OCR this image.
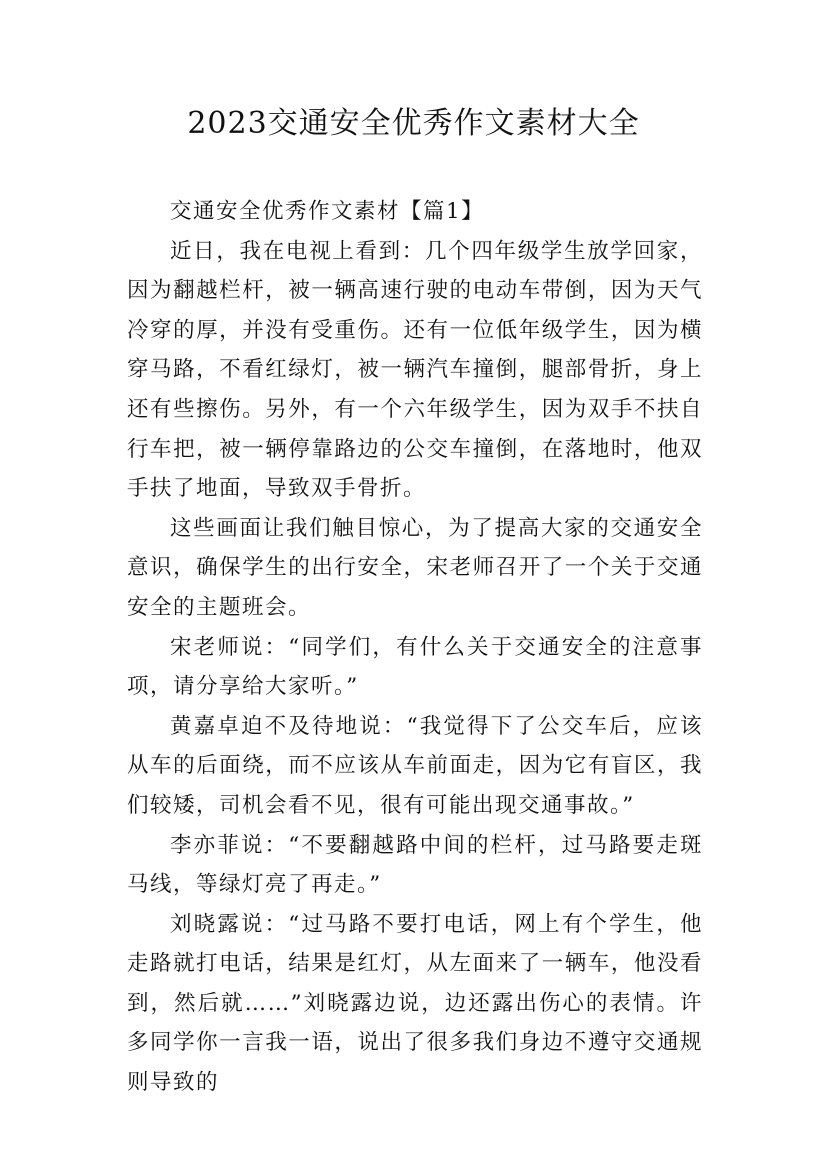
2023交通安全优秀作文素材大全

交通安全优秀作文素材【篇1】

近日，我在电视上看到：几个四年级学生放学回家，因为翻越栏杆，被一辆高速行驶的电动车带倒，因为天气冷穿的厚，并没有受重伤。还有一位低年级学生，因为横穿马路，不看红绿灯，被一辆汽车撞倒，腿部骨折，身上还有些擦伤。另外，有一个六年级学生，因为双手不扶自行车把，被一辆停靠路边的公交车撞倒，在落地时，他双手扶了地面，导致双手骨折。

这些画面让我们触目惊心，为了提高大家的交通安全意识，确保学生的出行安全，宋老师召开了一个关于交通安全的主题班会。

宋老师说：“同学们，有什么关于交通安全的注意事项，请分享给大家听。”

黄嘉卓迫不及待地说：“我觉得下了公交车后，应该从车的后面绕，而不应该从车前面走，因为它有盲区，我们较矮，司机会看不见，很有可能出现交通事故。”

李亦菲说：“不要翻越路中间的栏杆，过马路要走斑马线，等绿灯亮了再走。”

刘晓露说：“过马路不要打电话，网上有个学生，他走路就打电话，结果是红灯，从左面来了一辆车，他没看到，然后就……”刘晓露边说，边还露出伤心的表情。许多同学你一言我一语，说出了很多我们身边不遵守交通规则导致的
